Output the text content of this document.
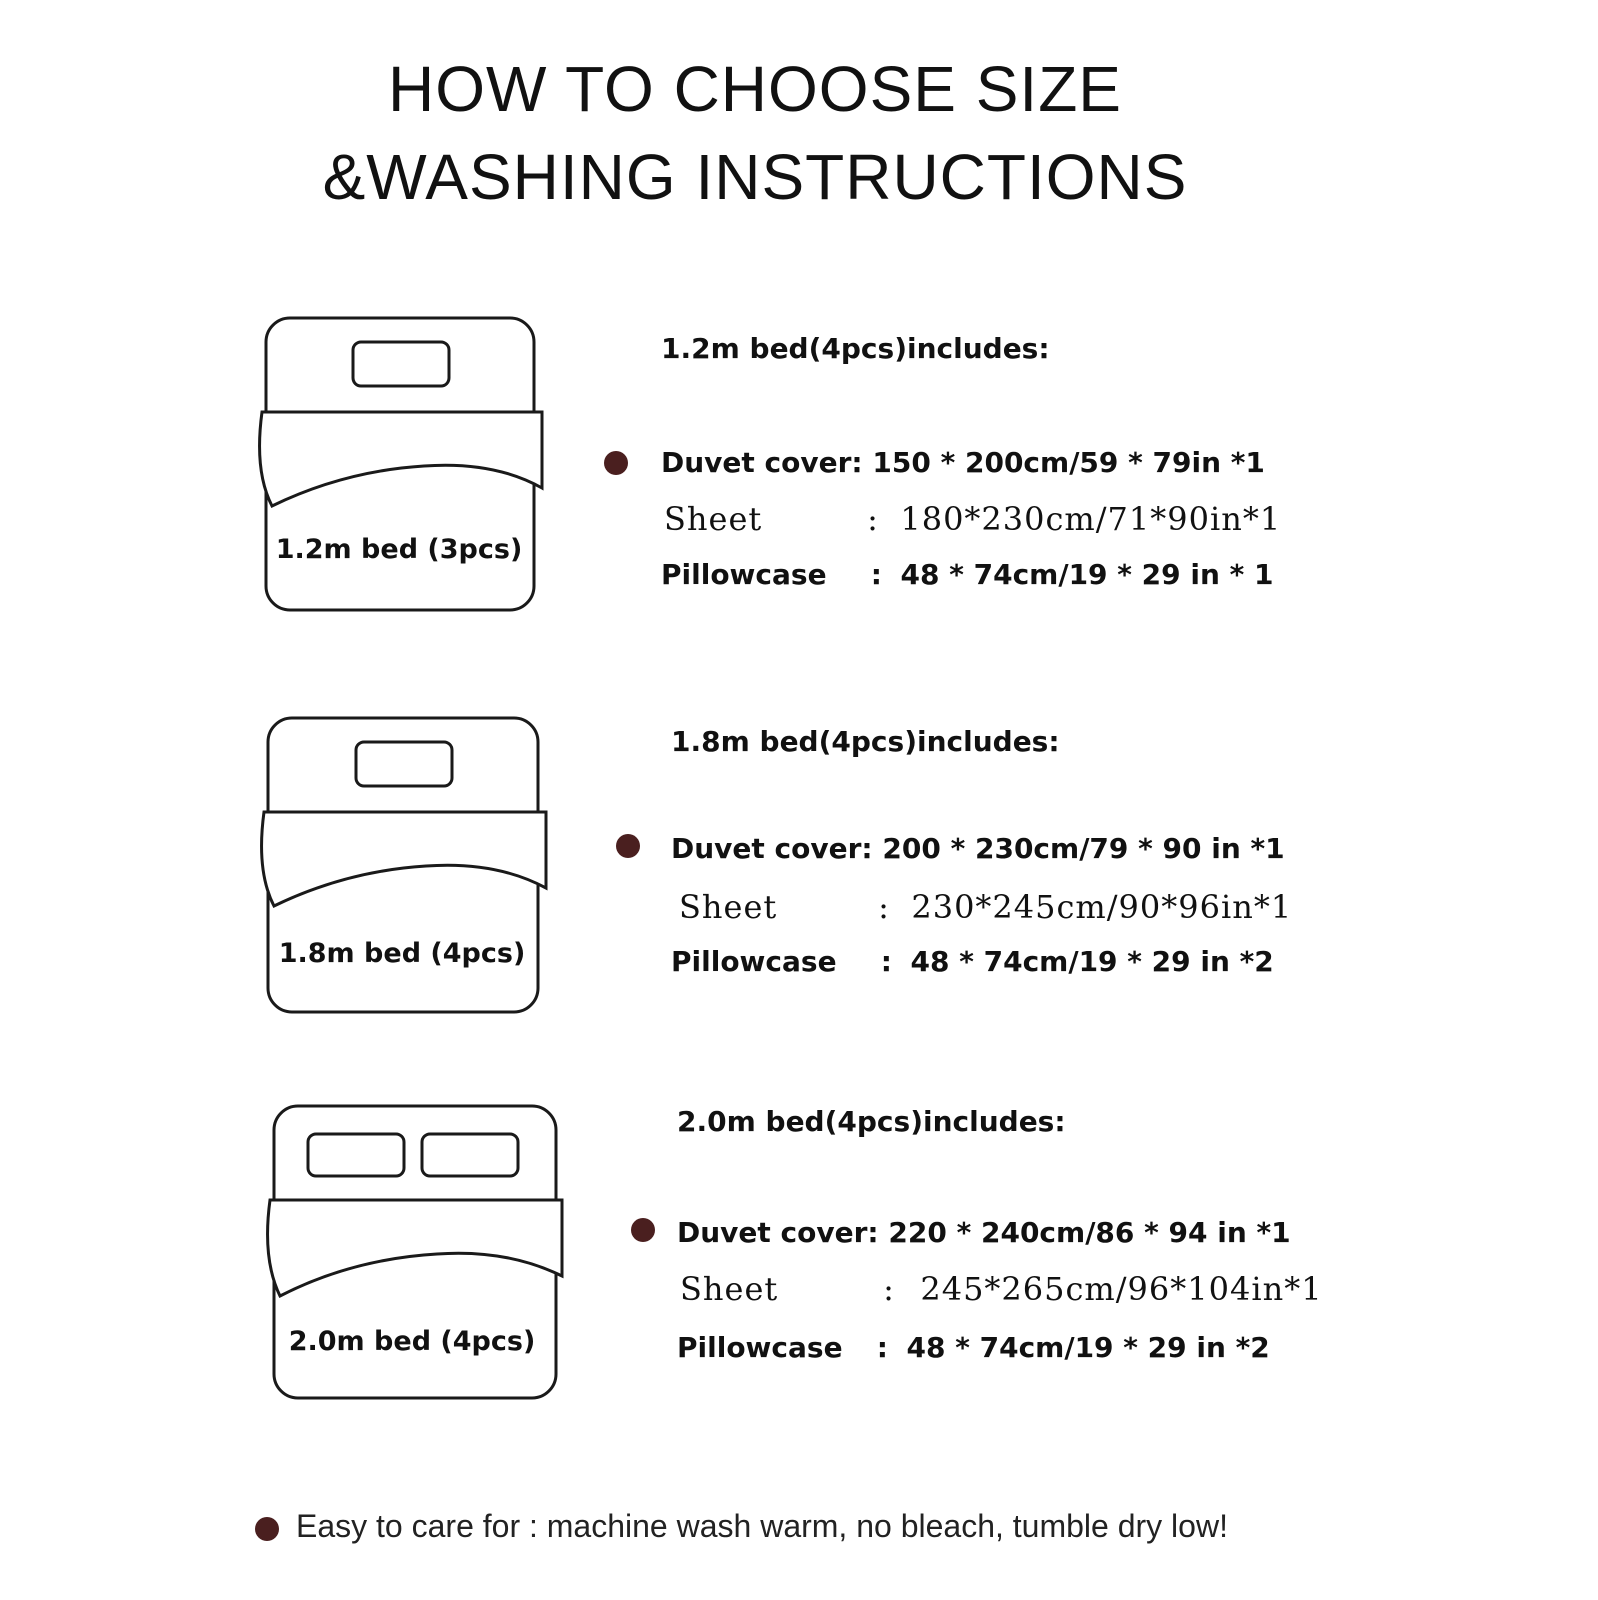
HOW TO CHOOSE SIZE
&WASHING INSTRUCTIONS
1.2m bed (3pcs)
1.2m bed(4pcs)includes:
Duvet cover: 150 * 200cm/59 * 79in *1
Sheet	: 180*230cm/71*90in*1
Pillowcase : 48 * 74cm/19 * 29 in * 1
1.8m bed (4pcs)
1.8m bed(4pcs)includes:
Duvet cover: 200 * 230cm/79 * 90 in *1
Sheet	: 230*245cm/90*96in*1
Pillowcase : 48 * 74cm/19 * 29 in *2
2.0m bed (4pcs)
2.0m bed(4pcs)includes:
Duvet cover: 220 * 240cm/86 * 94 in *1
Sheet	: 245*265cm/96*104in*1
Pillowcase : 48 * 74cm/19 * 29 in *2
Easy to care for : machine wash warm, no bleach, tumble dry low!
